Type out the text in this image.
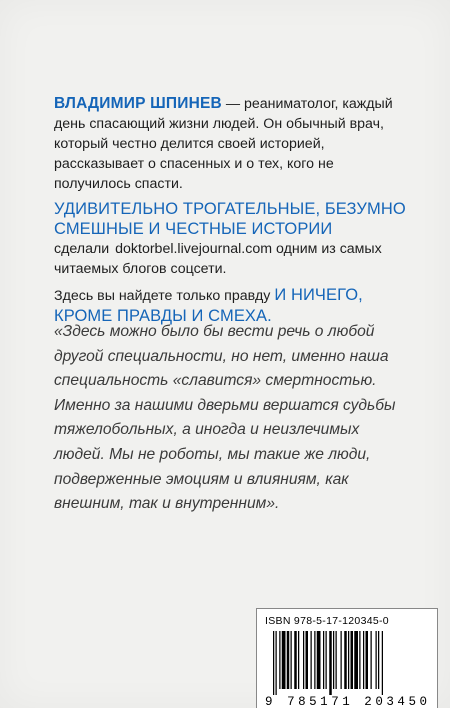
ВЛАДИМИР ШПИНЕВ — реаниматолог, каждый день спасающий жизни людей. Он обычный врач, который честно делится своей историей, рассказывает о спасенных и о тех, кого не получилось спасти.
УДИВИТЕЛЬНО ТРОГАТЕЛЬНЫЕ, БЕЗУМНО СМЕШНЫЕ И ЧЕСТНЫЕ ИСТОРИИ
сделали doktorbel.livejournal.com одним из самых читаемых блогов соцсети.
Здесь вы найдете только правду И НИЧЕГО, КРОМЕ ПРАВДЫ И СМЕХА.
«Здесь можно было бы вести речь о любой другой специальности, но нет, именно наша специальность «славится» смертностью. Именно за нашими дверьми вершатся судьбы тяжелобольных, а иногда и неизлечимых людей. Мы не роботы, мы такие же люди, подверженные эмоциям и влияниям, как внешним, так и внутренним».
ISBN 978-5-17-120345-0
9 785171 203450
